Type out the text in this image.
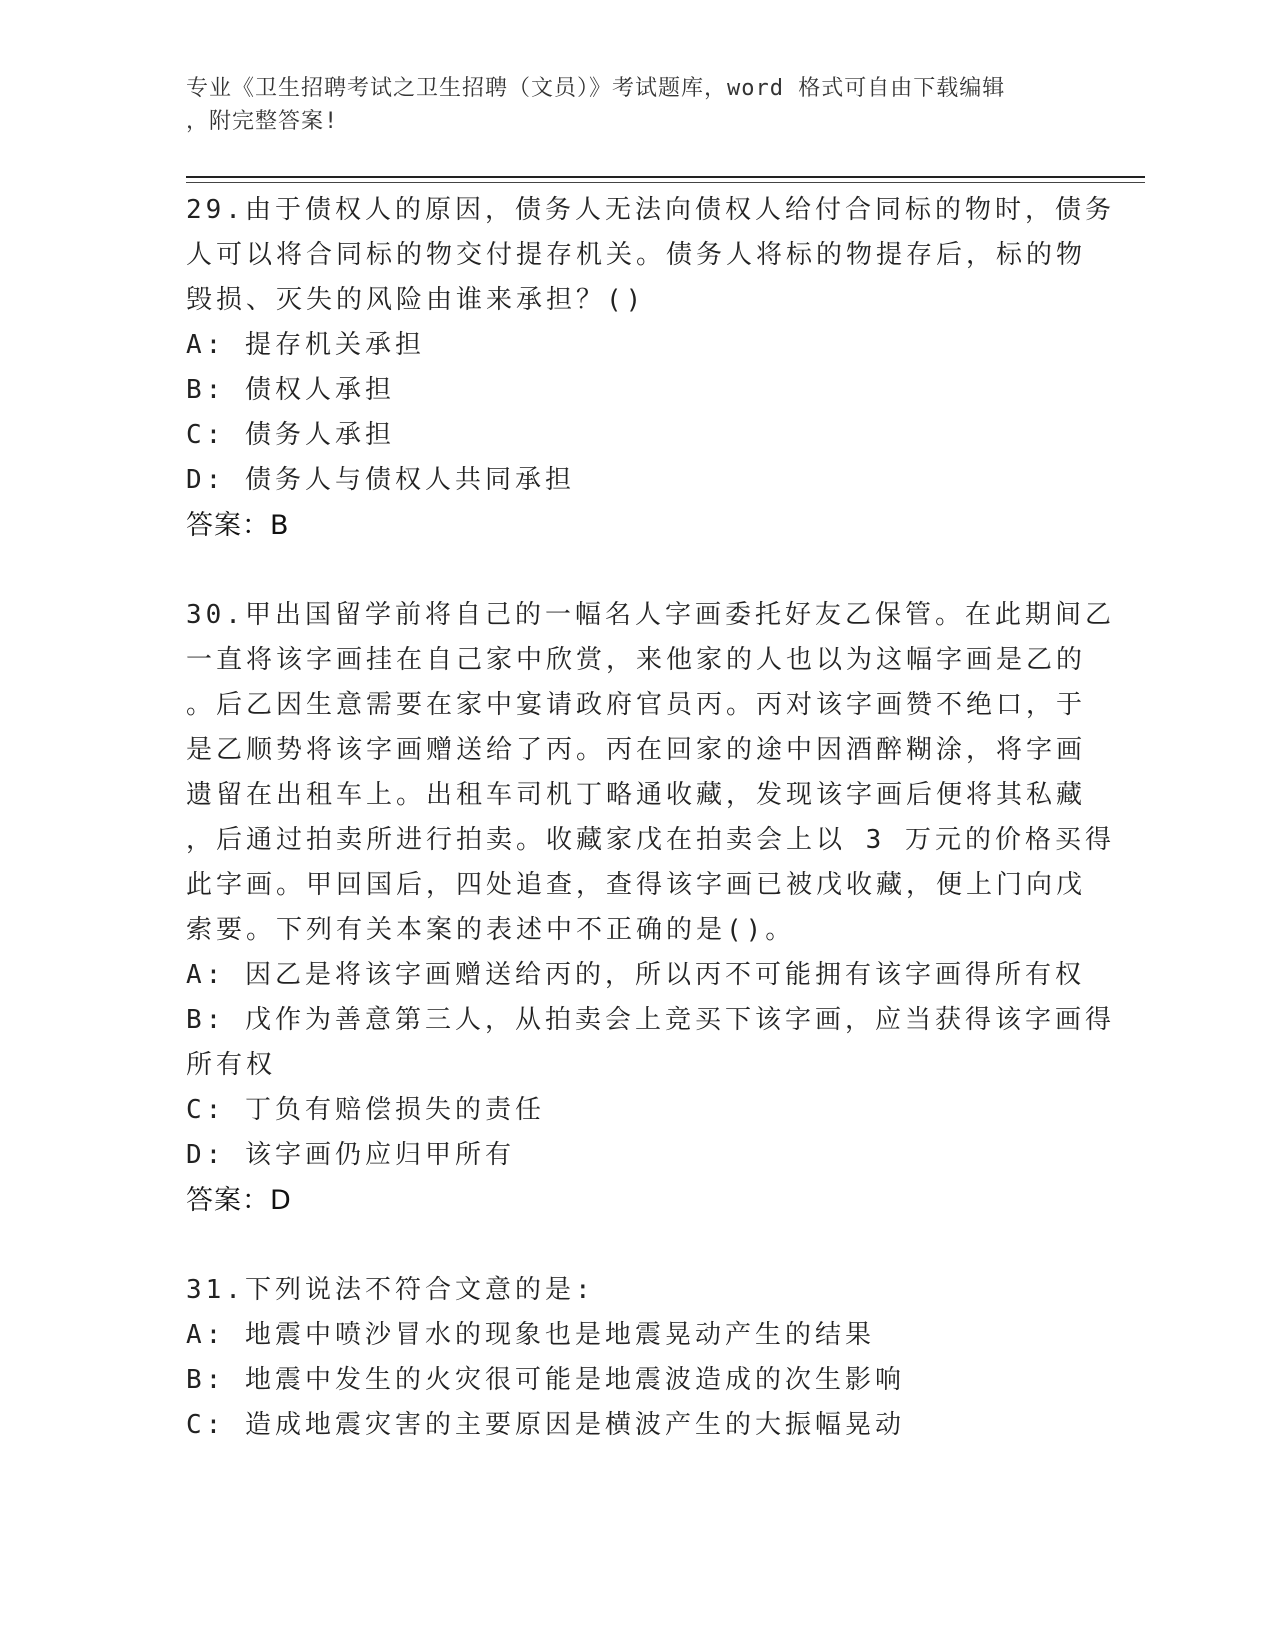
专业《卫生招聘考试之卫生招聘（文员）》考试题库，word 格式可自由下载编辑
，附完整答案!
29.由于债权人的原因，债务人无法向债权人给付合同标的物时，债务
人可以将合同标的物交付提存机关。债务人将标的物提存后，标的物
毁损、灭失的风险由谁来承担？()
A: 提存机关承担
B: 债权人承担
C: 债务人承担
D: 债务人与债权人共同承担
答案：B
30.甲出国留学前将自己的一幅名人字画委托好友乙保管。在此期间乙
一直将该字画挂在自己家中欣赏，来他家的人也以为这幅字画是乙的
。后乙因生意需要在家中宴请政府官员丙。丙对该字画赞不绝口，于
是乙顺势将该字画赠送给了丙。丙在回家的途中因酒醉糊涂，将字画
遗留在出租车上。出租车司机丁略通收藏，发现该字画后便将其私藏
，后通过拍卖所进行拍卖。收藏家戊在拍卖会上以 3 万元的价格买得
此字画。甲回国后，四处追查，查得该字画已被戊收藏，便上门向戊
索要。下列有关本案的表述中不正确的是()。
A: 因乙是将该字画赠送给丙的，所以丙不可能拥有该字画得所有权
B: 戊作为善意第三人，从拍卖会上竞买下该字画，应当获得该字画得
所有权
C: 丁负有赔偿损失的责任
D: 该字画仍应归甲所有
答案：D
31.下列说法不符合文意的是:
A: 地震中喷沙冒水的现象也是地震晃动产生的结果
B: 地震中发生的火灾很可能是地震波造成的次生影响
C: 造成地震灾害的主要原因是横波产生的大振幅晃动
